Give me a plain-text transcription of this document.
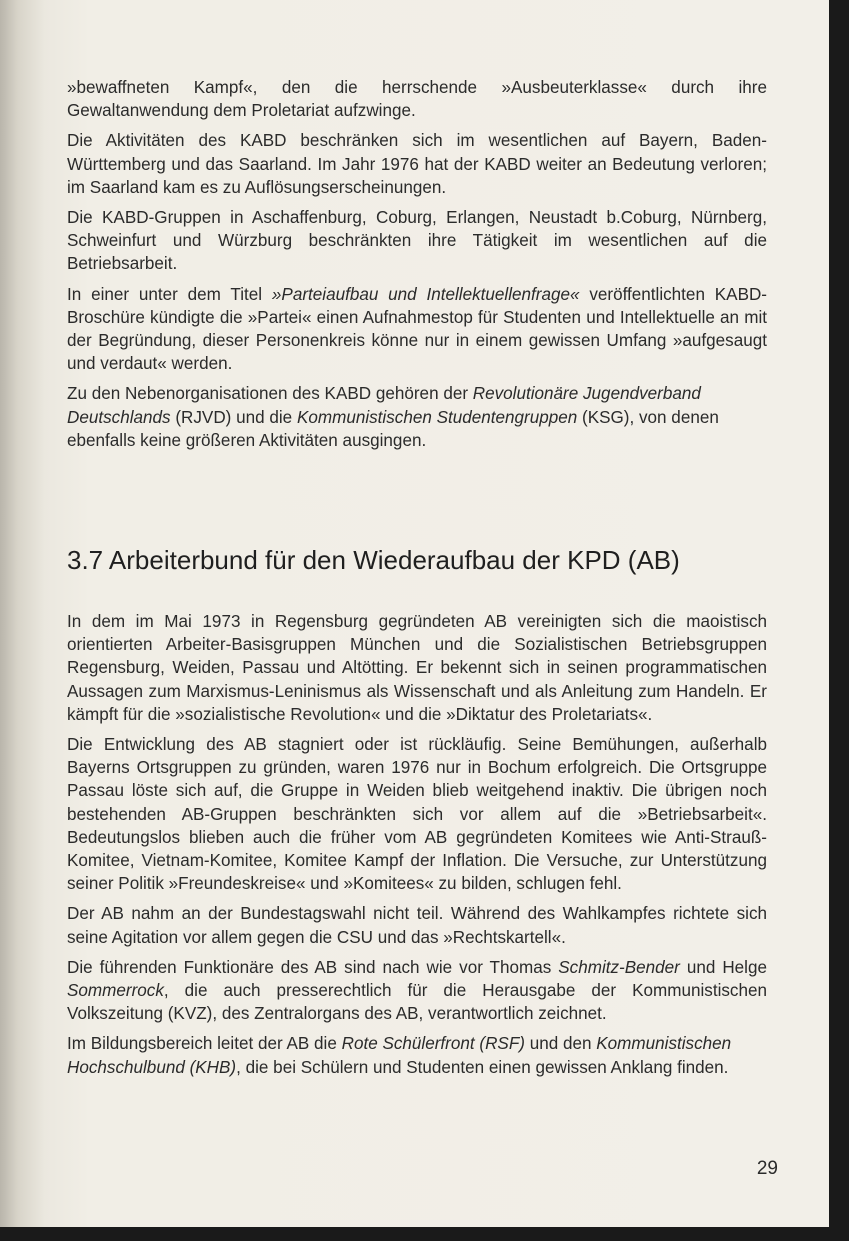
»bewaffneten Kampf«, den die herrschende »Ausbeuterklasse« durch ihre Gewaltanwendung dem Proletariat aufzwinge.

Die Aktivitäten des KABD beschränken sich im wesentlichen auf Bayern, Baden-Württemberg und das Saarland. Im Jahr 1976 hat der KABD weiter an Bedeutung verloren; im Saarland kam es zu Auflösungserscheinungen.

Die KABD-Gruppen in Aschaffenburg, Coburg, Erlangen, Neustadt b.Coburg, Nürnberg, Schweinfurt und Würzburg beschränkten ihre Tätigkeit im wesentlichen auf die Betriebsarbeit.

In einer unter dem Titel »Parteiaufbau und Intellektuellenfrage« veröffentlichten KABD-Broschüre kündigte die »Partei« einen Aufnahmestop für Studenten und Intellektuelle an mit der Begründung, dieser Personenkreis könne nur in einem gewissen Umfang »aufgesaugt und verdaut« werden.

Zu den Nebenorganisationen des KABD gehören der Revolutionäre Jugendverband Deutschlands (RJVD) und die Kommunistischen Studentengruppen (KSG), von denen ebenfalls keine größeren Aktivitäten ausgingen.

3.7 Arbeiterbund für den Wiederaufbau der KPD (AB)

In dem im Mai 1973 in Regensburg gegründeten AB vereinigten sich die maoistisch orientierten Arbeiter-Basisgruppen München und die Sozialistischen Betriebsgruppen Regensburg, Weiden, Passau und Altötting. Er bekennt sich in seinen programmatischen Aussagen zum Marxismus-Leninismus als Wissenschaft und als Anleitung zum Handeln. Er kämpft für die »sozialistische Revolution« und die »Diktatur des Proletariats«.

Die Entwicklung des AB stagniert oder ist rückläufig. Seine Bemühungen, außerhalb Bayerns Ortsgruppen zu gründen, waren 1976 nur in Bochum erfolgreich. Die Ortsgruppe Passau löste sich auf, die Gruppe in Weiden blieb weitgehend inaktiv. Die übrigen noch bestehenden AB-Gruppen beschränkten sich vor allem auf die »Betriebsarbeit«. Bedeutungslos blieben auch die früher vom AB gegründeten Komitees wie Anti-Strauß-Komitee, Vietnam-Komitee, Komitee Kampf der Inflation. Die Versuche, zur Unterstützung seiner Politik »Freundeskreise« und »Komitees« zu bilden, schlugen fehl.

Der AB nahm an der Bundestagswahl nicht teil. Während des Wahlkampfes richtete sich seine Agitation vor allem gegen die CSU und das »Rechtskartell«.

Die führenden Funktionäre des AB sind nach wie vor Thomas Schmitz-Bender und Helge Sommerrock, die auch presserechtlich für die Herausgabe der Kommunistischen Volkszeitung (KVZ), des Zentralorgans des AB, verantwortlich zeichnet.

Im Bildungsbereich leitet der AB die Rote Schülerfront (RSF) und den Kommunistischen Hochschulbund (KHB), die bei Schülern und Studenten einen gewissen Anklang finden.

29
